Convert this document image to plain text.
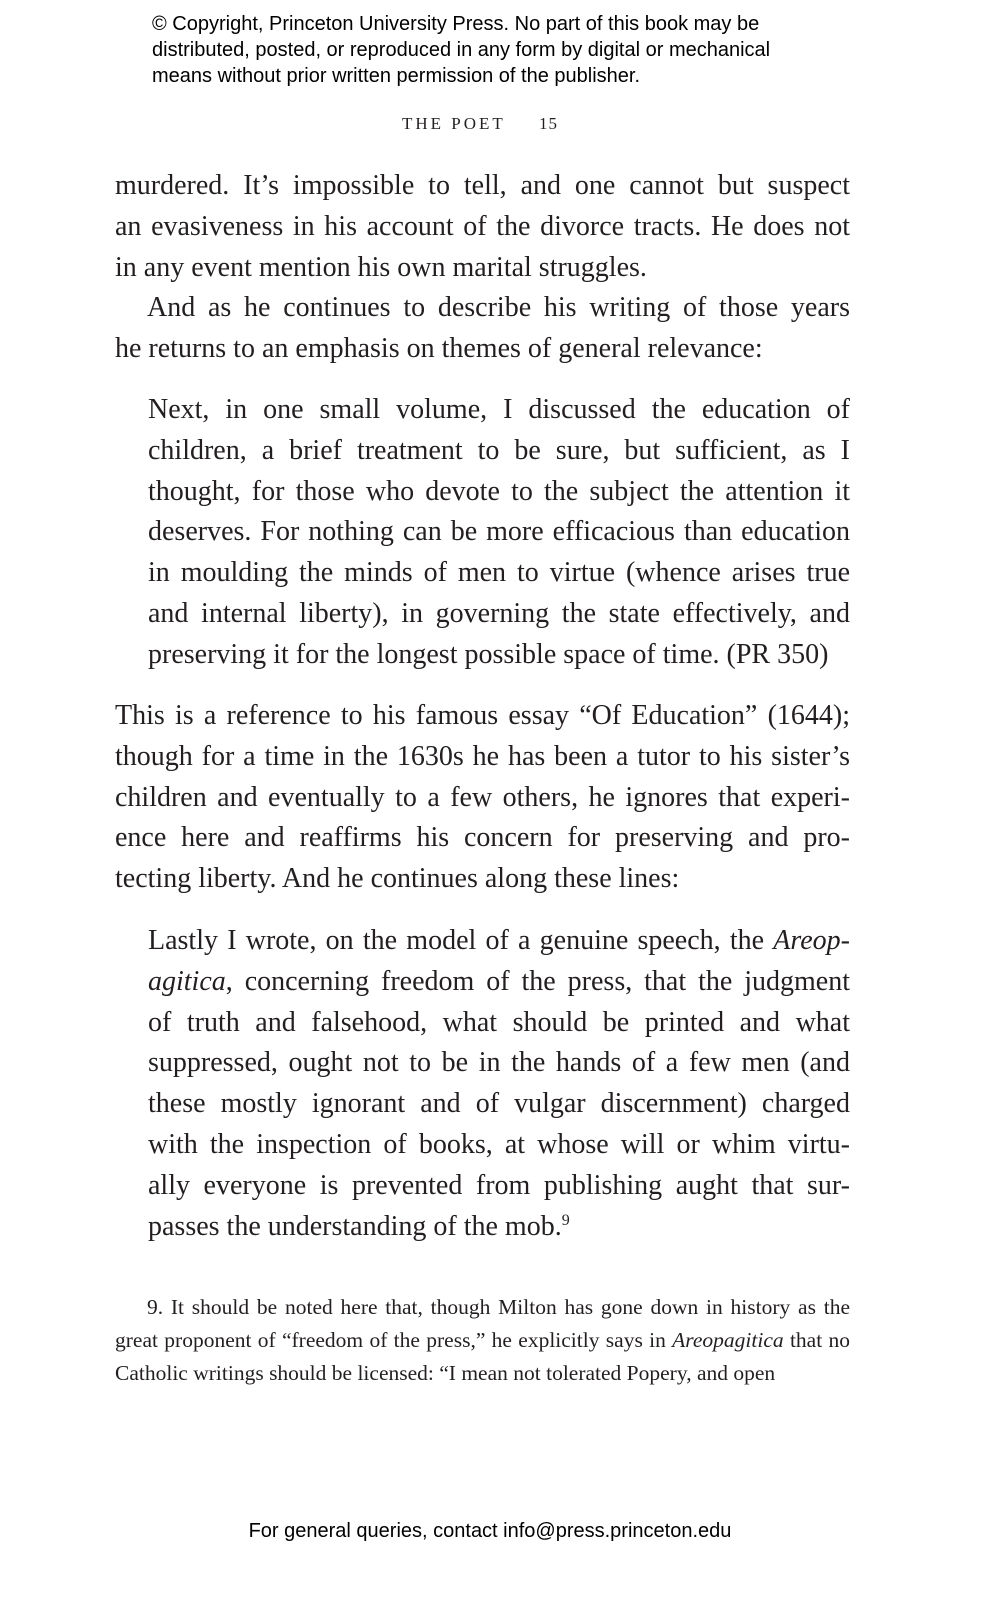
© Copyright, Princeton University Press. No part of this book may be
distributed, posted, or reproduced in any form by digital or mechanical
means without prior written permission of the publisher.
THE POET 15
murdered. It’s impossible to tell, and one cannot but suspect
an evasiveness in his account of the divorce tracts. He does not
in any event mention his own marital struggles.
And as he continues to describe his writing of those years
he returns to an emphasis on themes of general relevance:
Next, in one small volume, I discussed the education of
children, a brief treatment to be sure, but sufficient, as I
thought, for those who devote to the subject the attention it
deserves. For nothing can be more efficacious than education
in moulding the minds of men to virtue (whence arises true
and internal liberty), in governing the state effectively, and
preserving it for the longest possible space of time. (PR 350)
This is a reference to his famous essay “Of Education” (1644);
though for a time in the 1630s he has been a tutor to his sister’s
children and eventually to a few others, he ignores that experi-
ence here and reaffirms his concern for preserving and pro-
tecting liberty. And he continues along these lines:
Lastly I wrote, on the model of a genuine speech, the Areop-
agitica, concerning freedom of the press, that the judgment
of truth and falsehood, what should be printed and what
suppressed, ought not to be in the hands of a few men (and
these mostly ignorant and of vulgar discernment) charged
with the inspection of books, at whose will or whim virtu-
ally everyone is prevented from publishing aught that sur-
passes the understanding of the mob.$^9$
9. It should be noted here that, though Milton has gone down in history as the
great proponent of “freedom of the press,” he explicitly says in Areopagitica that no
Catholic writings should be licensed: “I mean not tolerated Popery, and open
For general queries, contact info@press.princeton.edu
